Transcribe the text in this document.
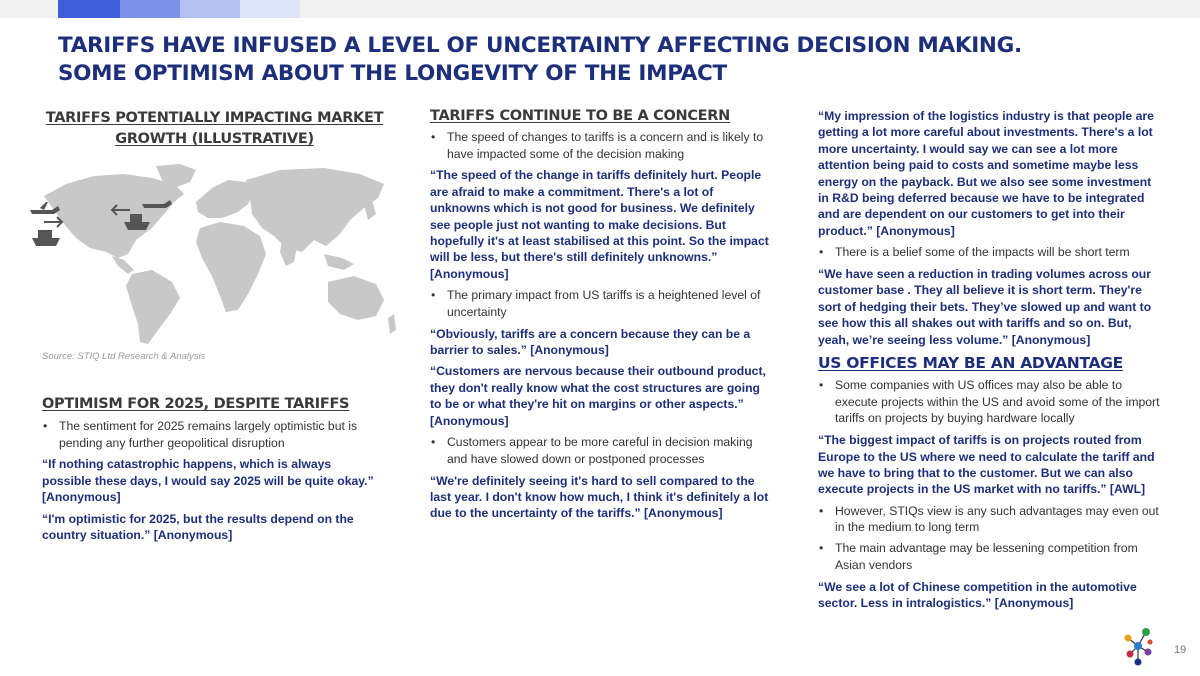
TARIFFS HAVE INFUSED A LEVEL OF UNCERTAINTY AFFECTING DECISION MAKING.
SOME OPTIMISM ABOUT THE LONGEVITY OF THE IMPACT
TARIFFS POTENTIALLY IMPACTING MARKET
GROWTH (ILLUSTRATIVE)
Source: STIQ Ltd Research & Analysis
OPTIMISM FOR 2025, DESPITE TARIFFS
• The sentiment for 2025 remains largely optimistic but is pending any further geopolitical disruption
“If nothing catastrophic happens, which is always possible these days, I would say 2025 will be quite okay.” [Anonymous]
“I'm optimistic for 2025, but the results depend on the country situation.” [Anonymous]
TARIFFS CONTINUE TO BE A CONCERN
• The speed of changes to tariffs is a concern and is likely to have impacted some of the decision making
“The speed of the change in tariffs definitely hurt. People are afraid to make a commitment. There's a lot of unknowns which is not good for business. We definitely see people just not wanting to make decisions. But hopefully it's at least stabilised at this point. So the impact will be less, but there's still definitely unknowns.” [Anonymous]
• The primary impact from US tariffs is a heightened level of uncertainty
“Obviously, tariffs are a concern because they can be a barrier to sales.” [Anonymous]
“Customers are nervous because their outbound product, they don't really know what the cost structures are going to be or what they're hit on margins or other aspects.” [Anonymous]
• Customers appear to be more careful in decision making and have slowed down or postponed processes
“We're definitely seeing it's hard to sell compared to the last year. I don't know how much, I think it's definitely a lot due to the uncertainty of the tariffs.” [Anonymous]
“My impression of the logistics industry is that people are getting a lot more careful about investments. There's a lot more uncertainty. I would say we can see a lot more attention being paid to costs and sometime maybe less energy on the payback. But we also see some investment in R&D being deferred because we have to be integrated and are dependent on our customers to get into their product.” [Anonymous]
• There is a belief some of the impacts will be short term
“We have seen a reduction in trading volumes across our customer base . They all believe it is short term. They're sort of hedging their bets. They’ve slowed up and want to see how this all shakes out with tariffs and so on. But, yeah, we’re seeing less volume.” [Anonymous]
US OFFICES MAY BE AN ADVANTAGE
• Some companies with US offices may also be able to execute projects within the US and avoid some of the import tariffs on projects by buying hardware locally
“The biggest impact of tariffs is on projects routed from Europe to the US where we need to calculate the tariff and we have to bring that to the customer. But we can also execute projects in the US market with no tariffs.” [AWL]
• However, STIQs view is any such advantages may even out in the medium to long term
• The main advantage may be lessening competition from Asian vendors
“We see a lot of Chinese competition in the automotive sector. Less in intralogistics.” [Anonymous]
19
